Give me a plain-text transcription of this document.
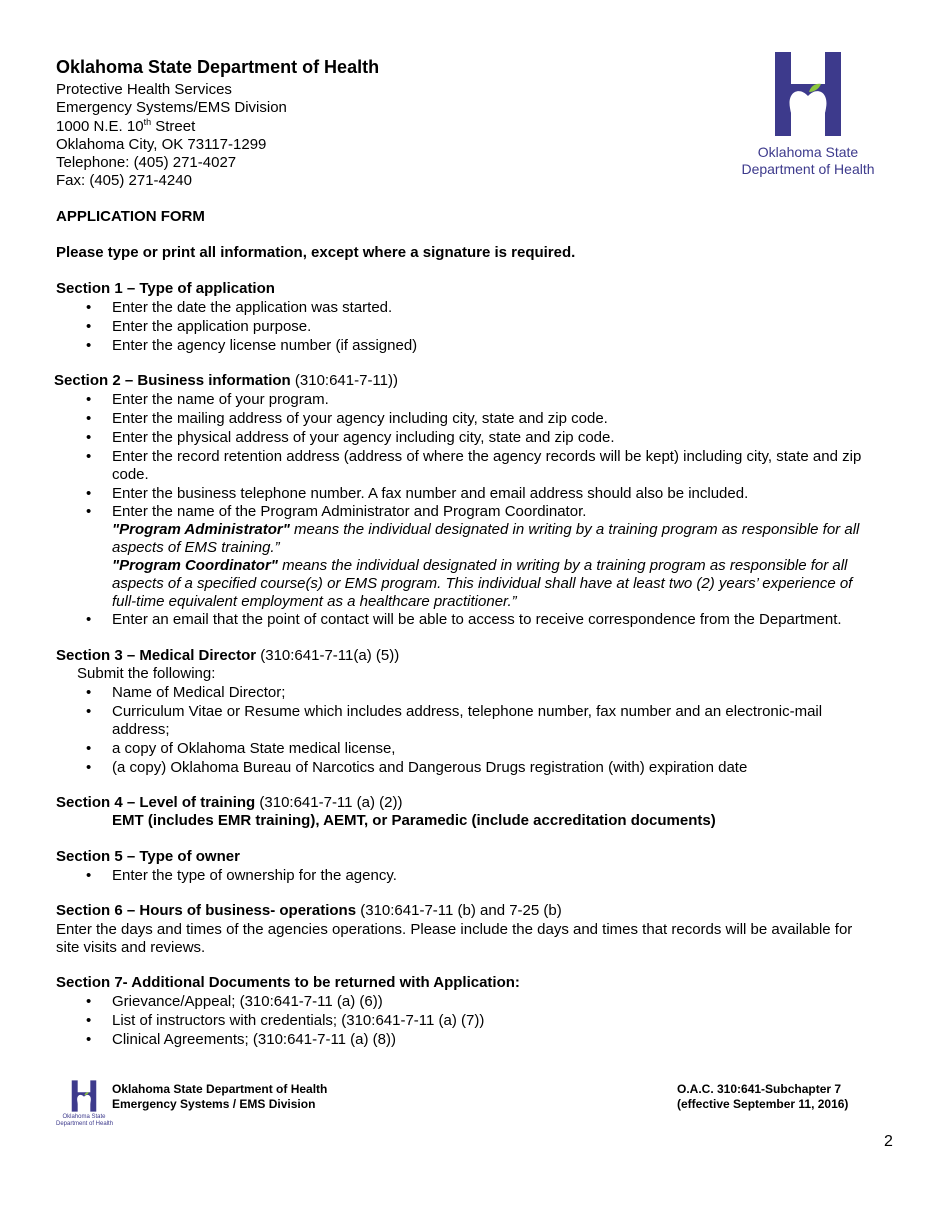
Oklahoma State Department of Health
Protective Health Services
Emergency Systems/EMS Division
1000 N.E. 10th Street
Oklahoma City, OK 73117-1299
Telephone: (405) 271-4027
Fax: (405) 271-4240
Oklahoma State
Department of Health
APPLICATION FORM
Please type or print all information, except where a signature is required.
Section 1 – Type of application
•	Enter the date the application was started.
•	Enter the application purpose.
•	Enter the agency license number (if assigned)
Section 2 – Business information (310:641-7-11))
•	Enter the name of your program.
•	Enter the mailing address of your agency including city, state and zip code.
•	Enter the physical address of your agency including city, state and zip code.
•	Enter the record retention address (address of where the agency records will be kept) including city, state and zip
code.
•	Enter the business telephone number. A fax number and email address should also be included.
•	Enter the name of the Program Administrator and Program Coordinator.
"Program Administrator" means the individual designated in writing by a training program as responsible for all
aspects of EMS training.”
"Program Coordinator" means the individual designated in writing by a training program as responsible for all
aspects of a specified course(s) or EMS program. This individual shall have at least two (2) years’ experience of
full-time equivalent employment as a healthcare practitioner.”
•	Enter an email that the point of contact will be able to access to receive correspondence from the Department.
Section 3 – Medical Director (310:641-7-11(a) (5))
Submit the following:
•	Name of Medical Director;
•	Curriculum Vitae or Resume which includes address, telephone number, fax number and an electronic-mail
address;
•	a copy of Oklahoma State medical license,
•	(a copy) Oklahoma Bureau of Narcotics and Dangerous Drugs registration (with) expiration date
Section 4 – Level of training (310:641-7-11 (a) (2))
EMT (includes EMR training), AEMT, or Paramedic (include accreditation documents)
Section 5 – Type of owner
•	Enter the type of ownership for the agency.
Section 6 – Hours of business- operations (310:641-7-11 (b) and 7-25 (b)
Enter the days and times of the agencies operations. Please include the days and times that records will be available for
site visits and reviews.
Section 7- Additional Documents to be returned with Application:
•	Grievance/Appeal; (310:641-7-11 (a) (6))
•	List of instructors with credentials; (310:641-7-11 (a) (7))
•	Clinical Agreements; (310:641-7-11 (a) (8))
Oklahoma State
Department of Health
Oklahoma State Department of Health
Emergency Systems / EMS Division
O.A.C. 310:641-Subchapter 7
(effective September 11, 2016)
2
